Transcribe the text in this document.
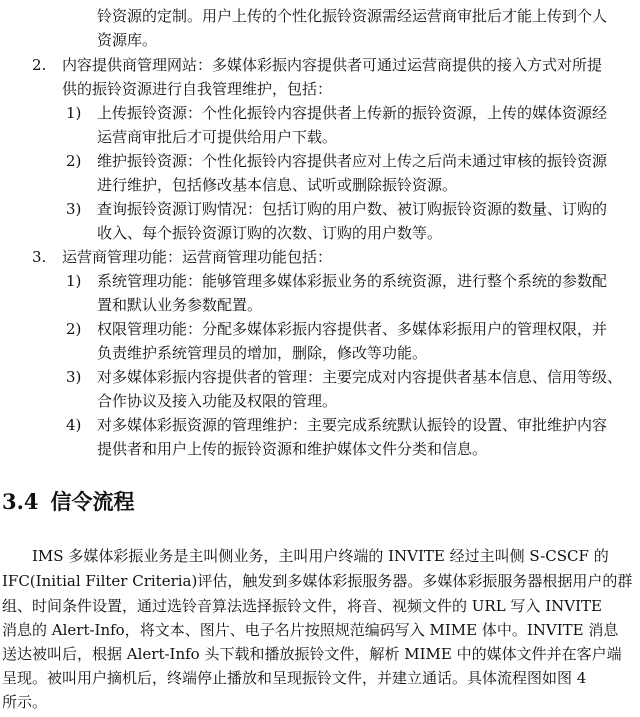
铃资源的定制。用户上传的个性化振铃资源需经运营商审批后才能上传到个人
资源库。
2. 内容提供商管理网站：多媒体彩振内容提供者可通过运营商提供的接入方式对所提
供的振铃资源进行自我管理维护，包括：
1) 上传振铃资源：个性化振铃内容提供者上传新的振铃资源，上传的媒体资源经
运营商审批后才可提供给用户下载。
2) 维护振铃资源：个性化振铃内容提供者应对上传之后尚未通过审核的振铃资源
进行维护，包括修改基本信息、试听或删除振铃资源。
3) 查询振铃资源订购情况：包括订购的用户数、被订购振铃资源的数量、订购的
收入、每个振铃资源订购的次数、订购的用户数等。
3. 运营商管理功能：运营商管理功能包括：
1) 系统管理功能：能够管理多媒体彩振业务的系统资源，进行整个系统的参数配
置和默认业务参数配置。
2) 权限管理功能：分配多媒体彩振内容提供者、多媒体彩振用户的管理权限，并
负责维护系统管理员的增加，删除，修改等功能。
3) 对多媒体彩振内容提供者的管理：主要完成对内容提供者基本信息、信用等级、
合作协议及接入功能及权限的管理。
4) 对多媒体彩振资源的管理维护：主要完成系统默认振铃的设置、审批维护内容
提供者和用户上传的振铃资源和维护媒体文件分类和信息。
3.4 信令流程
IMS 多媒体彩振业务是主叫侧业务，主叫用户终端的 INVITE 经过主叫侧 S-CSCF 的
IFC(Initial Filter Criteria)评估，触发到多媒体彩振服务器。多媒体彩振服务器根据用户的群
组、时间条件设置，通过选铃音算法选择振铃文件，将音、视频文件的 URL 写入 INVITE
消息的 Alert-Info，将文本、图片、电子名片按照规范编码写入 MIME 体中。INVITE 消息
送达被叫后，根据 Alert-Info 头下载和播放振铃文件，解析 MIME 中的媒体文件并在客户端
呈现。被叫用户摘机后，终端停止播放和呈现振铃文件，并建立通话。具体流程图如图 4
所示。
